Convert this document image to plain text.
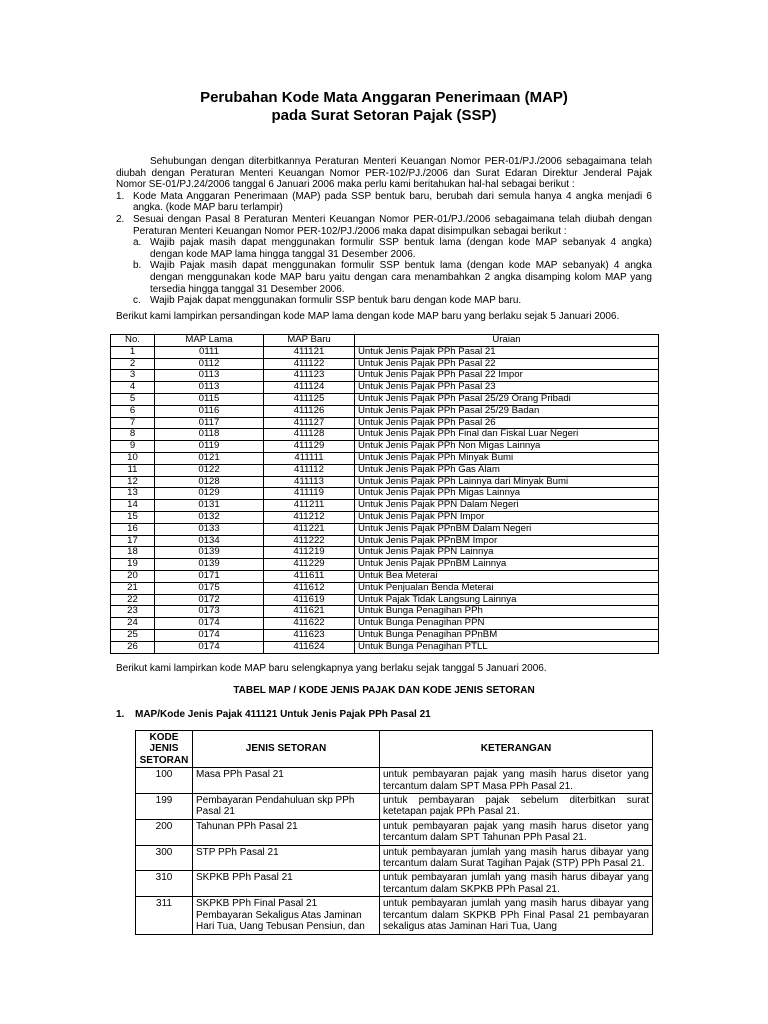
Perubahan Kode Mata Anggaran Penerimaan (MAP)
pada Surat Setoran Pajak (SSP)

Sehubungan dengan diterbitkannya Peraturan Menteri Keuangan Nomor PER-01/PJ./2006 sebagaimana telah diubah dengan Peraturan Menteri Keuangan Nomor PER-102/PJ./2006 dan Surat Edaran Direktur Jenderal Pajak Nomor SE-01/PJ.24/2006 tanggal 6 Januari 2006 maka perlu kami beritahukan hal-hal sebagai berikut :

1. Kode Mata Anggaran Penerimaan (MAP) pada SSP bentuk baru, berubah dari semula hanya 4 angka menjadi 6 angka. (kode MAP baru terlampir)
2. Sesuai dengan Pasal 8 Peraturan Menteri Keuangan Nomor PER-01/PJ./2006 sebagaimana telah diubah dengan Peraturan Menteri Keuangan Nomor PER-102/PJ./2006 maka dapat disimpulkan sebagai berikut :
a. Wajib pajak masih dapat menggunakan formulir SSP bentuk lama (dengan kode MAP sebanyak 4 angka) dengan kode MAP lama hingga tanggal 31 Desember 2006.
b. Wajib Pajak masih dapat menggunakan formulir SSP bentuk lama (dengan kode MAP sebanyak) 4 angka dengan menggunakan kode MAP baru yaitu dengan cara menambahkan 2 angka disamping kolom MAP yang tersedia hingga tanggal 31 Desember 2006.
c. Wajib Pajak dapat menggunakan formulir SSP bentuk baru dengan kode MAP baru.
Berikut kami lampirkan persandingan kode MAP lama dengan kode MAP baru yang berlaku sejak 5 Januari 2006.
No.	MAP Lama	MAP Baru	Uraian
1	0111	411121	Untuk Jenis Pajak PPh Pasal 21
2	0112	411122	Untuk Jenis Pajak PPh Pasal 22
3	0113	411123	Untuk Jenis Pajak PPh Pasal 22 Impor
4	0113	411124	Untuk Jenis Pajak PPh Pasal 23
5	0115	411125	Untuk Jenis Pajak PPh Pasal 25/29 Orang Pribadi
6	0116	411126	Untuk Jenis Pajak PPh Pasal 25/29 Badan
7	0117	411127	Untuk Jenis Pajak PPh Pasal 26
8	0118	411128	Untuk Jenis Pajak PPh Final dan Fiskal Luar Negeri
9	0119	411129	Untuk Jenis Pajak PPh Non Migas Lainnya
10	0121	411111	Untuk Jenis Pajak PPh Minyak Bumi
11	0122	411112	Untuk Jenis Pajak PPh Gas Alam
12	0128	411113	Untuk Jenis Pajak PPh Lainnya dari Minyak Bumi
13	0129	411119	Untuk Jenis Pajak PPh Migas Lainnya
14	0131	411211	Untuk Jenis Pajak PPN Dalam Negeri
15	0132	411212	Untuk Jenis Pajak PPN Impor
16	0133	411221	Untuk Jenis Pajak PPnBM Dalam Negeri
17	0134	411222	Untuk Jenis Pajak PPnBM Impor
18	0139	411219	Untuk Jenis Pajak PPN Lainnya
19	0139	411229	Untuk Jenis Pajak PPnBM Lainnya
20	0171	411611	Untuk Bea Meterai
21	0175	411612	Untuk Penjualan Benda Meterai
22	0172	411619	Untuk Pajak Tidak Langsung Lainnya
23	0173	411621	Untuk Bunga Penagihan PPh
24	0174	411622	Untuk Bunga Penagihan PPN
25	0174	411623	Untuk Bunga Penagihan PPnBM
26	0174	411624	Untuk Bunga Penagihan PTLL
Berikut kami lampirkan kode MAP baru selengkapnya yang berlaku sejak tanggal 5 Januari 2006.
TABEL MAP / KODE JENIS PAJAK DAN KODE JENIS SETORAN
1. MAP/Kode Jenis Pajak 411121 Untuk Jenis Pajak PPh Pasal 21
KODE
JENIS
SETORAN	JENIS SETORAN	KETERANGAN
100	Masa PPh Pasal 21	untuk pembayaran pajak yang masih harus disetor yang tercantum dalam SPT Masa PPh Pasal 21.
199	Pembayaran Pendahuluan skp PPh Pasal 21	untuk pembayaran pajak sebelum diterbitkan surat ketetapan pajak PPh Pasal 21.
200	Tahunan PPh Pasal 21	untuk pembayaran pajak yang masih harus disetor yang tercantum dalam SPT Tahunan PPh Pasal 21.
300	STP PPh Pasal 21	untuk pembayaran jumlah yang masih harus dibayar yang tercantum dalam Surat Tagihan Pajak (STP) PPh Pasal 21.
310	SKPKB PPh Pasal 21	untuk pembayaran jumlah yang masih harus dibayar yang tercantum dalam SKPKB PPh Pasal 21.
311	SKPKB PPh Final Pasal 21 Pembayaran Sekaligus Atas Jaminan Hari Tua, Uang Tebusan Pensiun, dan	untuk pembayaran jumlah yang masih harus dibayar yang tercantum dalam SKPKB PPh Final Pasal 21 pembayaran sekaligus atas Jaminan Hari Tua, Uang
